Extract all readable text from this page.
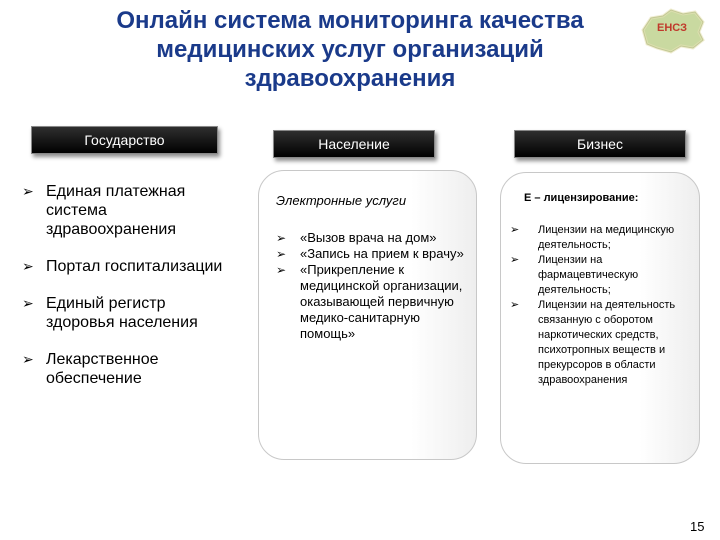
Онлайн система мониторинга качества медицинских услуг организаций здравоохранения
ЕНСЗ
Государство	Население	Бизнес
➢ Единая платежная система здравоохранения
➢ Портал госпитализации
➢ Единый регистр здоровья населения
➢ Лекарственное обеспечение
Электронные услуги
➢ «Вызов врача на дом»
➢ «Запись на прием к врачу»
➢ «Прикрепление к медицинской организации, оказывающей первичную медико-санитарную помощь»
Е – лицензирование:
➢ Лицензии на медицинскую деятельность;
➢ Лицензии на фармацевтическую деятельность;
➢ Лицензии на деятельность связанную с оборотом наркотических средств, психотропных веществ и прекурсоров в области здравоохранения
15
